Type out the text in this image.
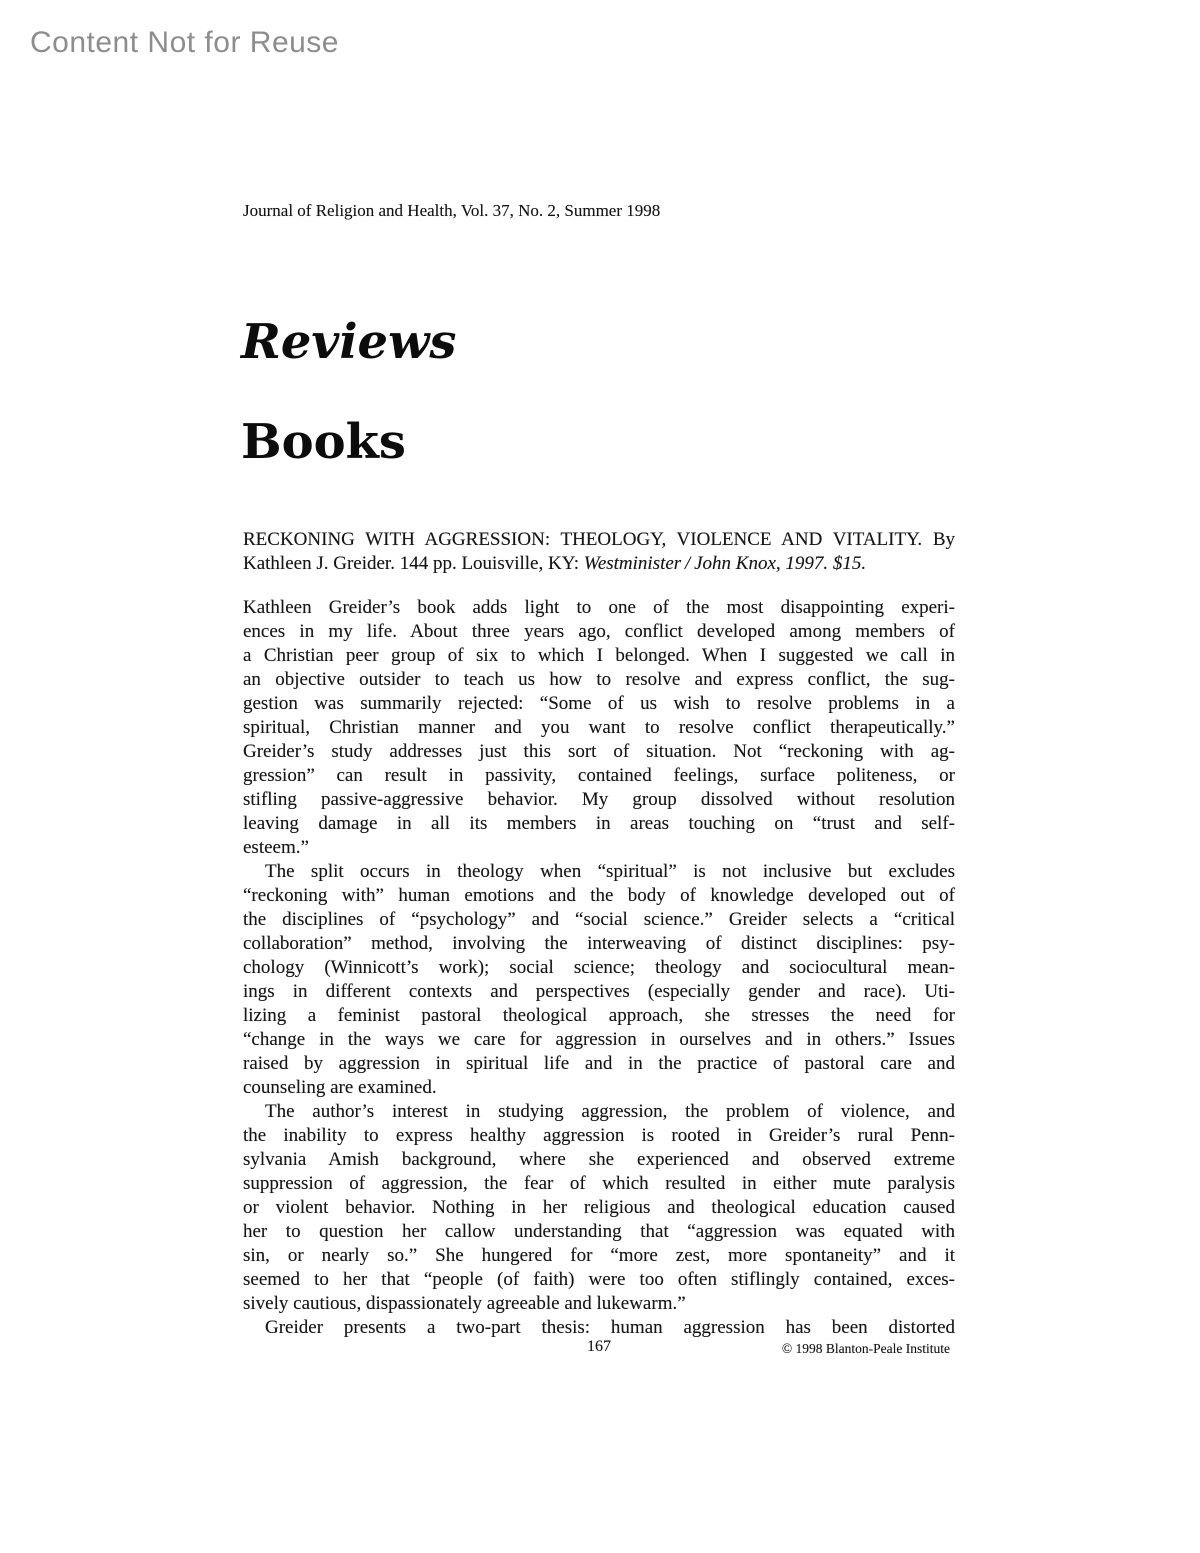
Content Not for Reuse
Journal of Religion and Health, Vol. 37, No. 2, Summer 1998
Reviews
Books
RECKONING WITH AGGRESSION: THEOLOGY, VIOLENCE AND VITALITY. By
Kathleen J. Greider. 144 pp. Louisville, KY: Westminister / John Knox, 1997. $15.
Kathleen Greider’s book adds light to one of the most disappointing experi-
ences in my life. About three years ago, conflict developed among members of
a Christian peer group of six to which I belonged. When I suggested we call in
an objective outsider to teach us how to resolve and express conflict, the sug-
gestion was summarily rejected: “Some of us wish to resolve problems in a
spiritual, Christian manner and you want to resolve conflict therapeutically.”
Greider’s study addresses just this sort of situation. Not “reckoning with ag-
gression” can result in passivity, contained feelings, surface politeness, or
stifling passive-aggressive behavior. My group dissolved without resolution
leaving damage in all its members in areas touching on “trust and self-
esteem.”
The split occurs in theology when “spiritual” is not inclusive but excludes
“reckoning with” human emotions and the body of knowledge developed out of
the disciplines of “psychology” and “social science.” Greider selects a “critical
collaboration” method, involving the interweaving of distinct disciplines: psy-
chology (Winnicott’s work); social science; theology and sociocultural mean-
ings in different contexts and perspectives (especially gender and race). Uti-
lizing a feminist pastoral theological approach, she stresses the need for
“change in the ways we care for aggression in ourselves and in others.” Issues
raised by aggression in spiritual life and in the practice of pastoral care and
counseling are examined.
The author’s interest in studying aggression, the problem of violence, and
the inability to express healthy aggression is rooted in Greider’s rural Penn-
sylvania Amish background, where she experienced and observed extreme
suppression of aggression, the fear of which resulted in either mute paralysis
or violent behavior. Nothing in her religious and theological education caused
her to question her callow understanding that “aggression was equated with
sin, or nearly so.” She hungered for “more zest, more spontaneity” and it
seemed to her that “people (of faith) were too often stiflingly contained, exces-
sively cautious, dispassionately agreeable and lukewarm.”
Greider presents a two-part thesis: human aggression has been distorted
167	© 1998 Blanton-Peale Institute
